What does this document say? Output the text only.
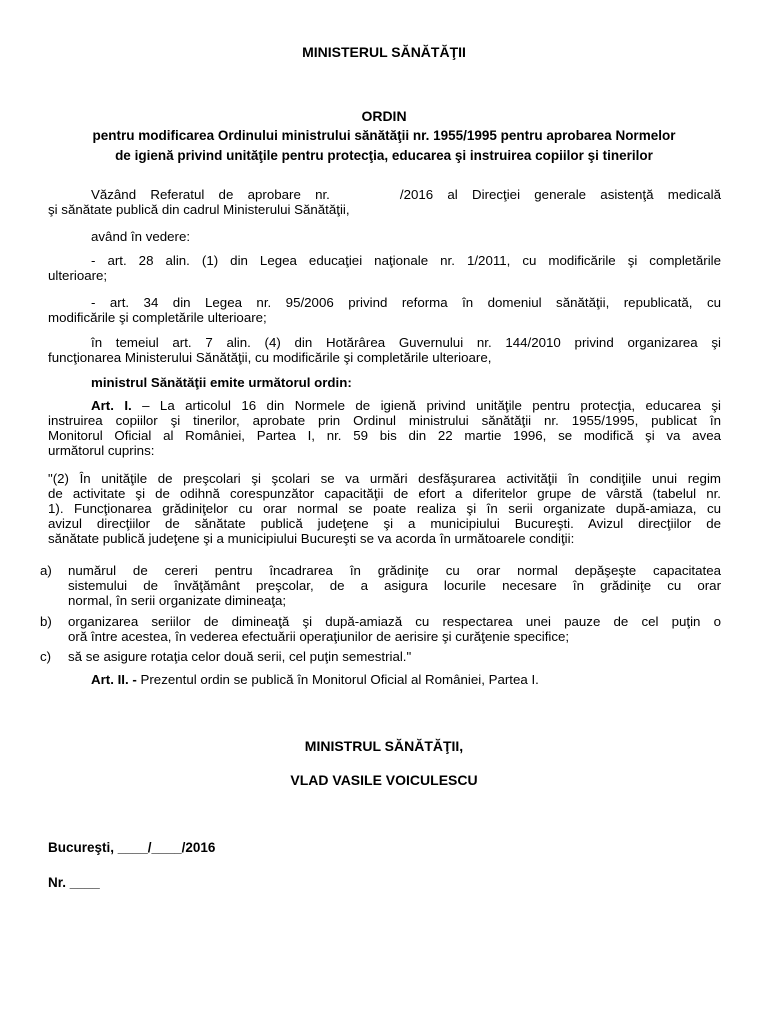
MINISTERUL SĂNĂTĂŢII
ORDIN
pentru modificarea Ordinului ministrului sănătăţii nr. 1955/1995 pentru aprobarea Normelor
de igienă privind unităţile pentru protecţia, educarea şi instruirea copiilor şi tinerilor
Văzând Referatul de aprobare nr.	/2016 al Direcţiei generale asistenţă medicală
şi sănătate publică din cadrul Ministerului Sănătăţii,
având în vedere:
- art. 28 alin. (1) din Legea educaţiei naţionale nr. 1/2011, cu modificările şi completările
ulterioare;
- art. 34 din Legea nr. 95/2006 privind reforma în domeniul sănătăţii, republicată, cu
modificările şi completările ulterioare;
în temeiul art. 7 alin. (4) din Hotărârea Guvernului nr. 144/2010 privind organizarea şi
funcţionarea Ministerului Sănătăţii, cu modificările şi completările ulterioare,
ministrul Sănătăţii emite următorul ordin:
Art. I. – La articolul 16 din Normele de igienă privind unităţile pentru protecţia, educarea şi
instruirea copiilor şi tinerilor, aprobate prin Ordinul ministrului sănătăţii nr. 1955/1995, publicat în
Monitorul Oficial al României, Partea I, nr. 59 bis din 22 martie 1996, se modifică şi va avea
următorul cuprins:
"(2) În unităţile de preşcolari şi şcolari se va urmări desfăşurarea activităţii în condiţiile unui regim
de activitate şi de odihnă corespunzător capacităţii de efort a diferitelor grupe de vârstă (tabelul nr.
1). Funcţionarea grădiniţelor cu orar normal se poate realiza şi în serii organizate după-amiaza, cu
avizul direcţiilor de sănătate publică judeţene şi a municipiului Bucureşti. Avizul direcţiilor de
sănătate publică judeţene şi a municipiului Bucureşti se va acorda în următoarele condiţii:
a) numărul de cereri pentru încadrarea în grădiniţe cu orar normal depăşeşte capacitatea
sistemului de învăţământ preşcolar, de a asigura locurile necesare în grădiniţe cu orar
normal, în serii organizate dimineaţa;
b) organizarea seriilor de dimineaţă şi după-amiază cu respectarea unei pauze de cel puţin o
oră între acestea, în vederea efectuării operaţiunilor de aerisire şi curăţenie specifice;
c) să se asigure rotaţia celor două serii, cel puţin semestrial."
Art. II. - Prezentul ordin se publică în Monitorul Oficial al României, Partea I.
MINISTRUL SĂNĂTĂŢII,
VLAD VASILE VOICULESCU
Bucureşti, ____/____/2016
Nr. ____
